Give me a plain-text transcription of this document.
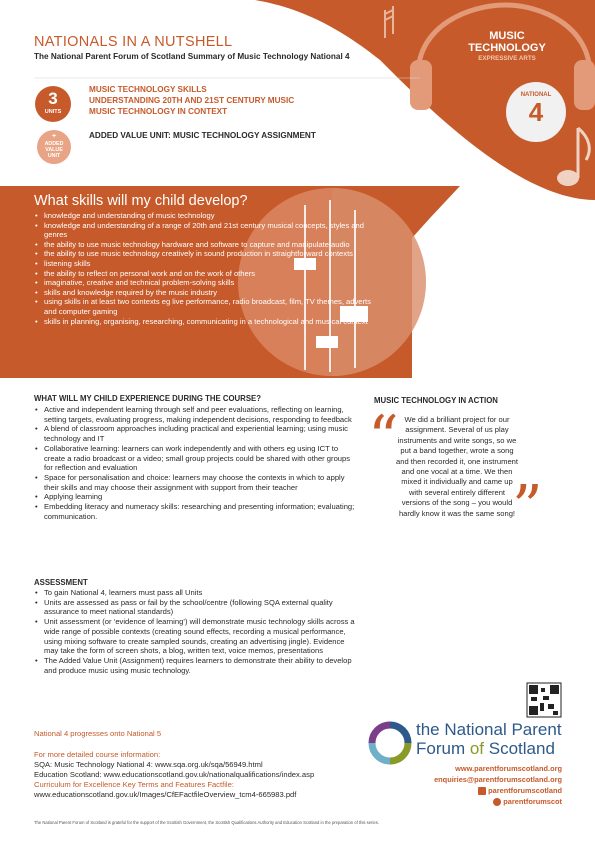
NATIONALS IN A NUTSHELL
The National Parent Forum of Scotland Summary of Music Technology National 4
MUSIC
TECHNOLOGY
EXPRESSIVE ARTS
NATIONAL
4
3
UNITS
+
ADDED
VALUE
UNIT
MUSIC TECHNOLOGY SKILLS
UNDERSTANDING 20TH AND 21ST CENTURY MUSIC
MUSIC TECHNOLOGY IN CONTEXT
ADDED VALUE UNIT: MUSIC TECHNOLOGY ASSIGNMENT
What skills will my child develop?
• knowledge and understanding of music technology
• knowledge and understanding of a range of 20th and 21st century musical concepts, styles and genres
• the ability to use music technology hardware and software to capture and manipulate audio
• the ability to use music technology creatively in sound production in straightforward contexts
• listening skills
• the ability to reflect on personal work and on the work of others
• imaginative, creative and technical problem-solving skills
• skills and knowledge required by the music industry
• using skills in at least two contexts eg live performance, radio broadcast, film, TV themes, adverts and computer gaming
• skills in planning, organising, researching, communicating in a technological and musical context
WHAT WILL MY CHILD EXPERIENCE DURING THE COURSE?
• Active and independent learning through self and peer evaluations, reflecting on learning, setting targets, evaluating progress, making independent decisions, responding to feedback
• A blend of classroom approaches including practical and experiential learning; using music technology and IT
• Collaborative learning: learners can work independently and with others eg using ICT to create a radio broadcast or a video; small group projects could be shared with other groups for reflection and evaluation
• Space for personalisation and choice: learners may choose the contexts in which to apply their skills and may choose their assignment with support from their teacher
• Applying learning
• Embedding literacy and numeracy skills: researching and presenting information; evaluating; communication.
MUSIC TECHNOLOGY IN ACTION
“ We did a brilliant project for our assignment. Several of us play instruments and write songs, so we put a band together, wrote a song and then recorded it, one instrument and one vocal at a time. We then mixed it individually and came up with several entirely different versions of the song – you would hardly know it was the same song!
”
ASSESSMENT
• To gain National 4, learners must pass all Units
• Units are assessed as pass or fail by the school/centre (following SQA external quality assurance to meet national standards)
• Unit assessment (or ‘evidence of learning’) will demonstrate music technology skills across a wide range of possible contexts (creating sound effects, recording a musical performance, using mixing software to create sampled sounds, creating an advertising jingle). Evidence may take the form of screen shots, a blog, written text, voice memos, presentations
• The Added Value Unit (Assignment) requires learners to demonstrate their ability to develop and produce music using music technology.
National 4 progresses onto National 5
For more detailed course information:
SQA: Music Technology National 4: www.sqa.org.uk/sqa/56949.html
Education Scotland: www.educationscotland.gov.uk/nationalqualifications/index.asp
Curriculum for Excellence Key Terms and Features Factfile:
www.educationscotland.gov.uk/Images/CfEFactfileOverview_tcm4-665983.pdf
the National Parent
Forum of Scotland
www.parentforumscotland.org
enquiries@parentforumscotland.org
f parentforumscotland
t parentforumscot
The National Parent Forum of Scotland is grateful for the support of the Scottish Government, the Scottish Qualifications Authority and Education Scotland in the preparation of this series.
